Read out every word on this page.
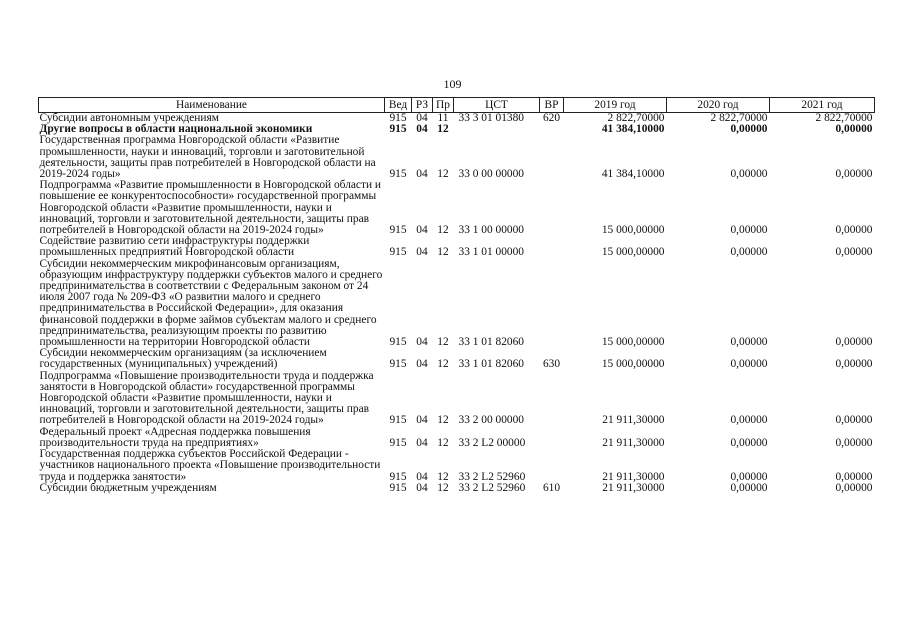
109
Наименование	Вед	РЗ	Пр	ЦСТ	ВР	2019 год	2020 год	2021 год
Субсидии автономным учреждениям	915	04	11	33 3 01 01380	620	2 822,70000	2 822,70000	2 822,70000
Другие вопросы в области национальной экономики	915	04	12			41 384,10000	0,00000	0,00000
Государственная программа Новгородской области «Развитие промышленности, науки и инноваций, торговли и заготовительной деятельности, защиты прав потребителей в Новгородской области на 2019-2024 годы»	915	04	12	33 0 00 00000		41 384,10000	0,00000	0,00000
Подпрограмма «Развитие промышленности в Новгородской области и повышение ее конкурентоспособности» государственной программы Новгородской области «Развитие промышленности, науки и инноваций, торговли и заготовительной деятельности, защиты прав потребителей в Новгородской области на 2019-2024 годы»	915	04	12	33 1 00 00000		15 000,00000	0,00000	0,00000
Содействие развитию сети инфраструктуры поддержки промышленных предприятий Новгородской области	915	04	12	33 1 01 00000		15 000,00000	0,00000	0,00000
Субсидии некоммерческим микрофинансовым организациям, образующим инфраструктуру поддержки субъектов малого и среднего предпринимательства в соответствии с Федеральным законом от 24 июля 2007 года № 209-ФЗ «О развитии малого и среднего предпринимательства в Российской Федерации», для оказания финансовой поддержки в форме займов субъектам малого и среднего предпринимательства, реализующим проекты по развитию промышленности на территории Новгородской области	915	04	12	33 1 01 82060		15 000,00000	0,00000	0,00000
Субсидии некоммерческим организациям (за исключением государственных (муниципальных) учреждений)	915	04	12	33 1 01 82060	630	15 000,00000	0,00000	0,00000
Подпрограмма «Повышение производительности труда и поддержка занятости в Новгородской области» государственной программы Новгородской области «Развитие промышленности, науки и инноваций, торговли и заготовительной деятельности, защиты прав потребителей в Новгородской области на 2019-2024 годы»	915	04	12	33 2 00 00000		21 911,30000	0,00000	0,00000
Федеральный проект «Адресная поддержка повышения производительности труда на предприятиях»	915	04	12	33 2 L2 00000		21 911,30000	0,00000	0,00000
Государственная поддержка субъектов Российской Федерации - участников национального проекта «Повышение производительности труда и поддержка занятости»	915	04	12	33 2 L2 52960		21 911,30000	0,00000	0,00000
Субсидии бюджетным учреждениям	915	04	12	33 2 L2 52960	610	21 911,30000	0,00000	0,00000
